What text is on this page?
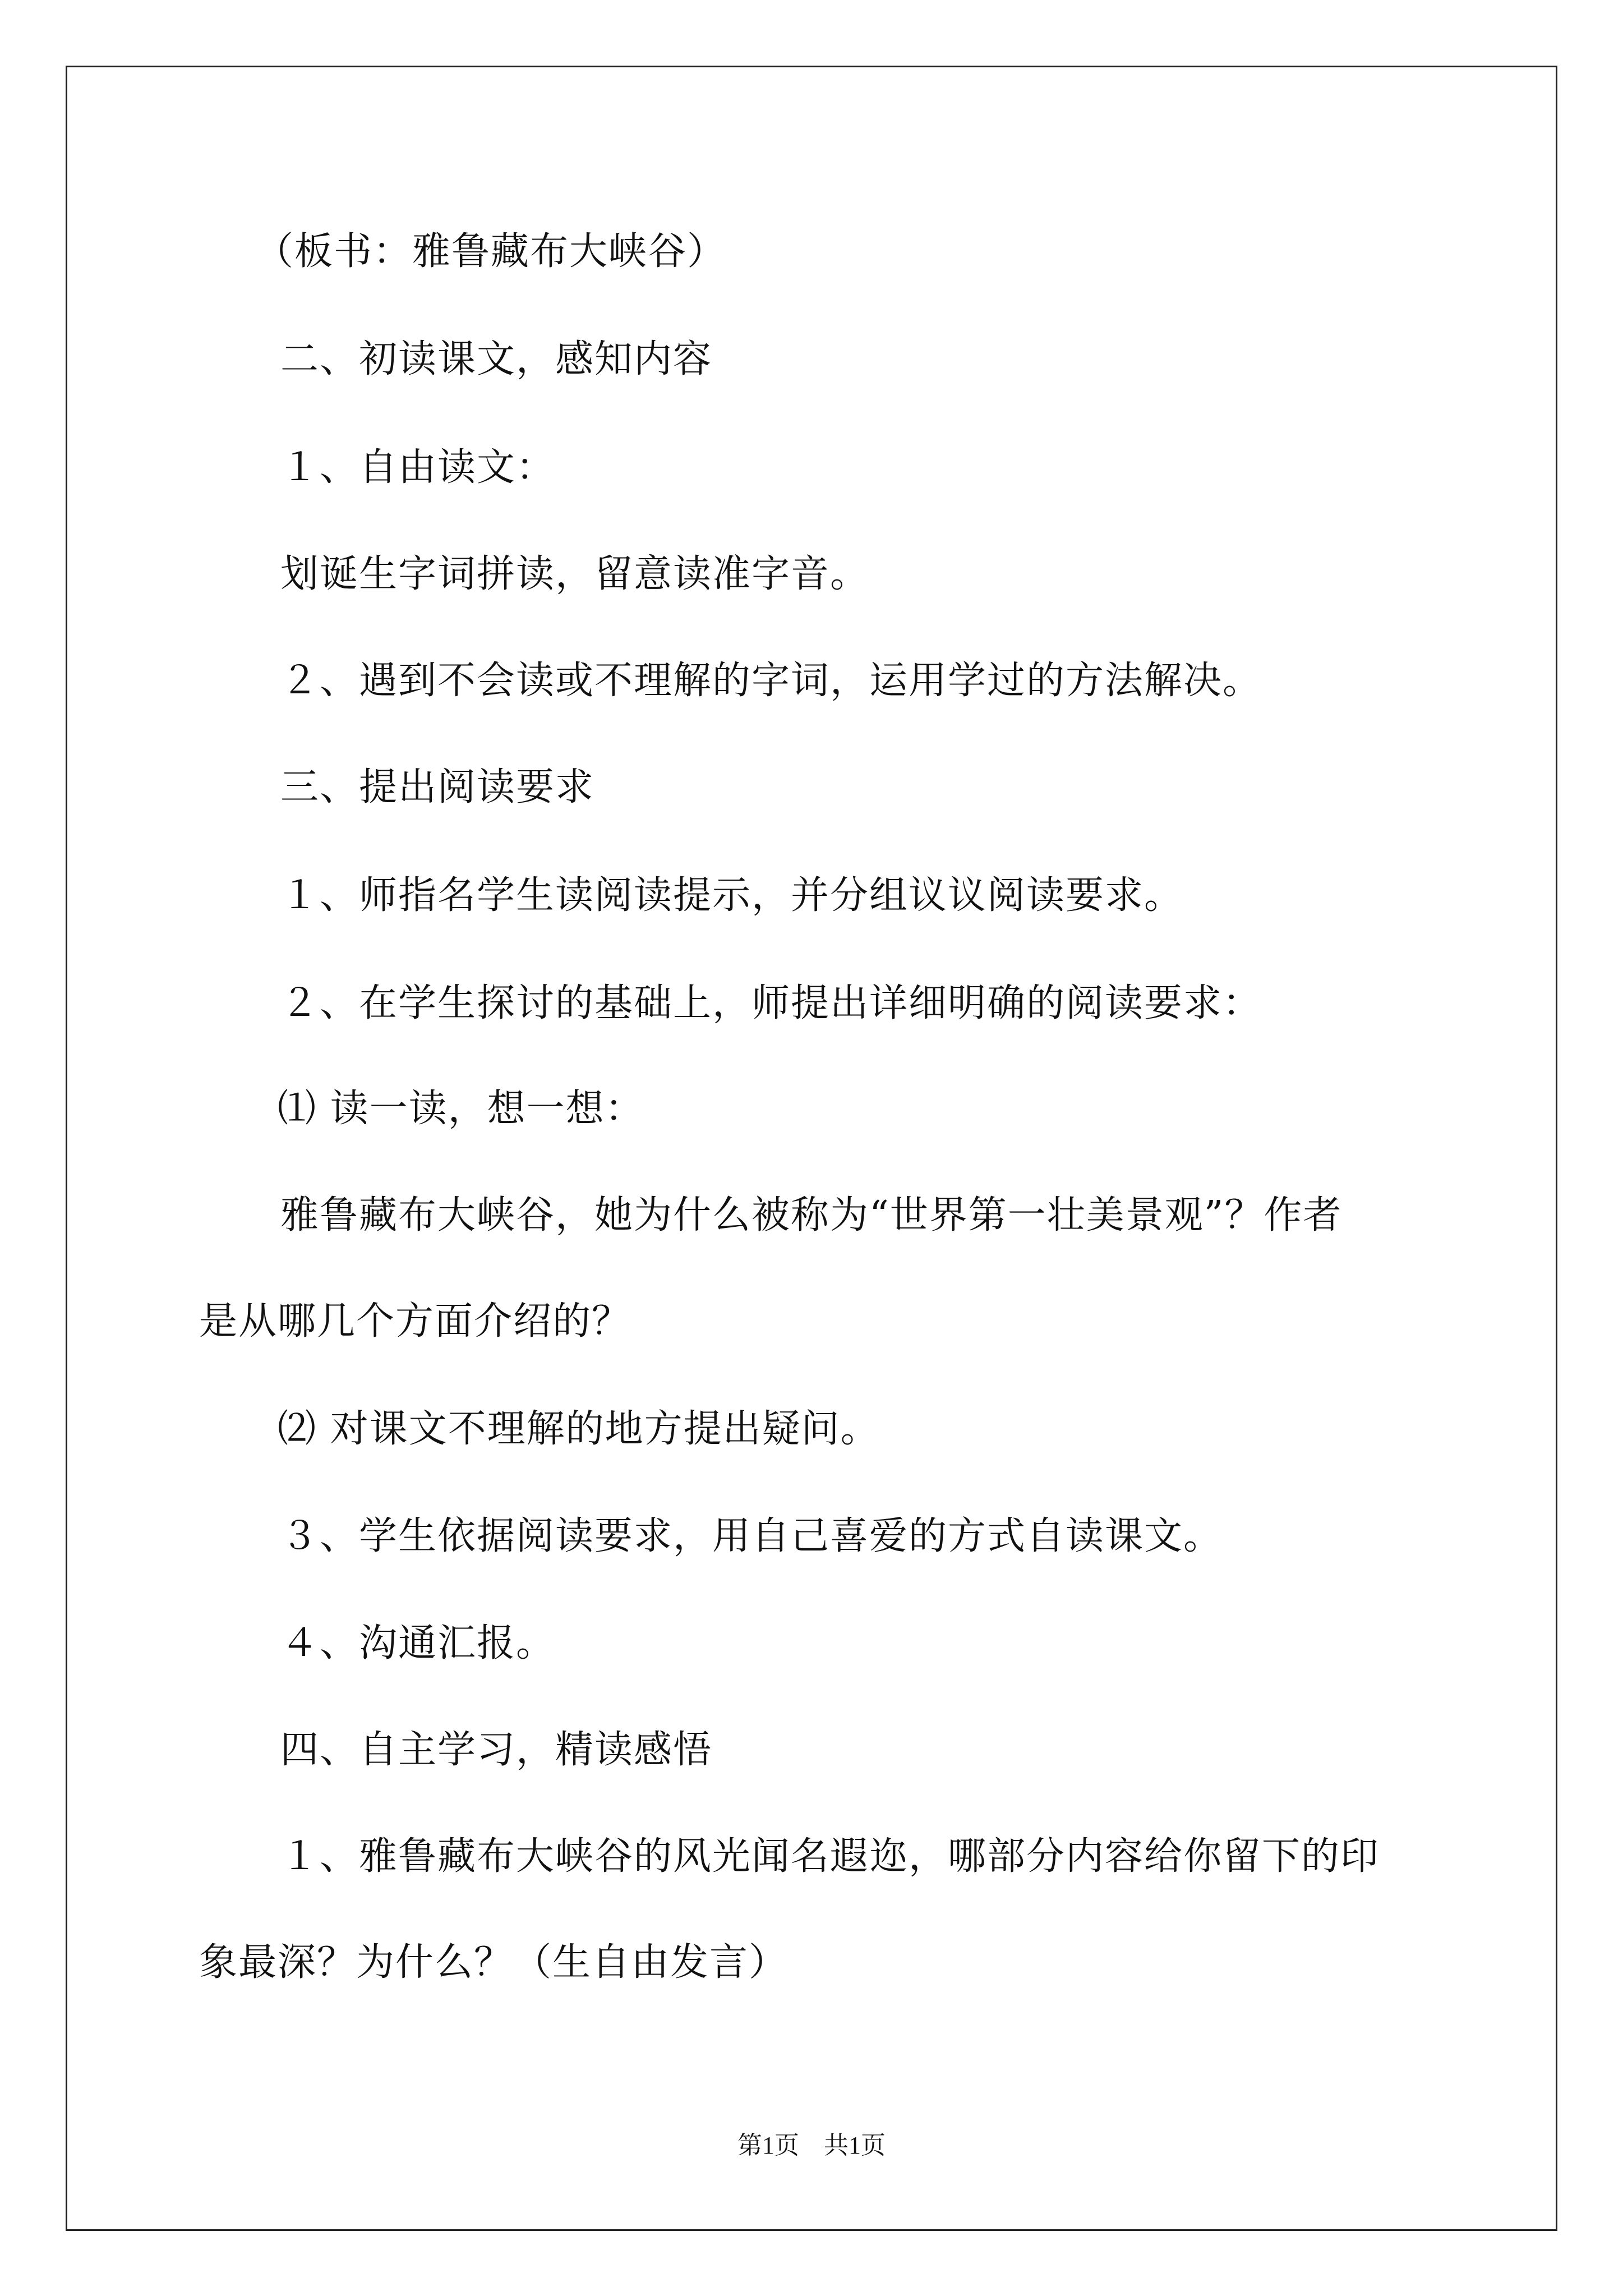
（板书：雅鲁藏布大峡谷）
二、初读课文，感知内容
１、自由读文：
划诞生字词拼读，留意读准字音。
２、遇到不会读或不理解的字词，运用学过的方法解决。
三、提出阅读要求
１、师指名学生读阅读提示，并分组议议阅读要求。
２、在学生探讨的基础上，师提出详细明确的阅读要求：
⑴ 读一读，想一想：
雅鲁藏布大峡谷，她为什么被称为“世界第一壮美景观”？作者
是从哪几个方面介绍的？
⑵ 对课文不理解的地方提出疑问。
３、学生依据阅读要求，用自己喜爱的方式自读课文。
４、沟通汇报。
四、自主学习，精读感悟
１、雅鲁藏布大峡谷的风光闻名遐迩，哪部分内容给你留下的印
象最深？为什么？（生自由发言）
第1页　共1页
